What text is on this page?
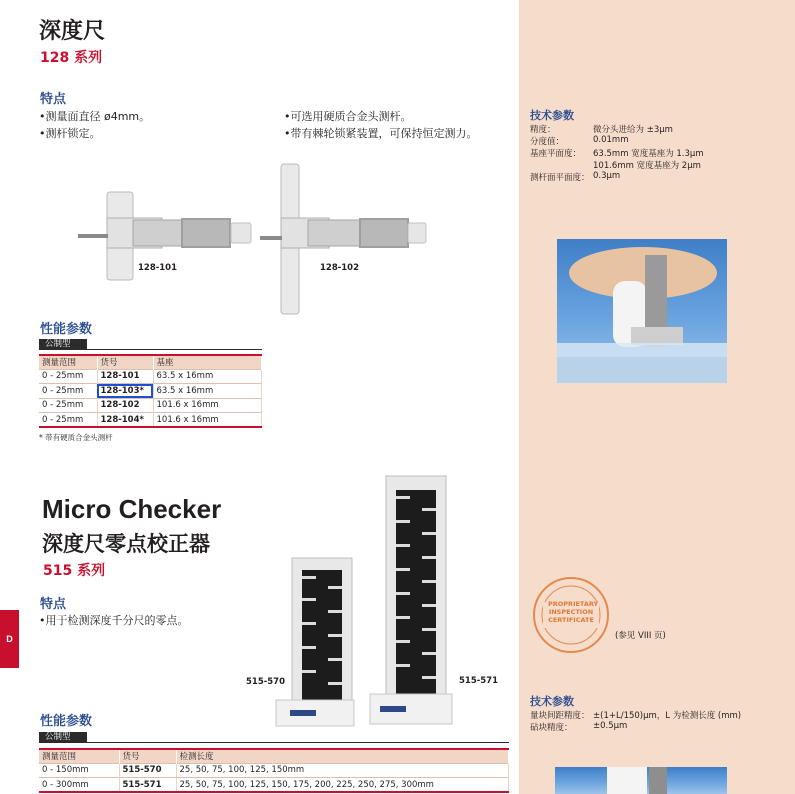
深度尺
128 系列
特点
•测量面直径 ø4mm。
•测杆锁定。
•可选用硬质合金头测杆。
•带有棘轮锁紧装置，可保持恒定测力。
128-101	128-102
性能参数
公制型
测量范围	货号	基座
0 - 25mm	128-101	63.5 x 16mm
0 - 25mm	128-103*	63.5 x 16mm
0 - 25mm	128-102	101.6 x 16mm
0 - 25mm	128-104*	101.6 x 16mm
* 带有硬质合金头测杆
Micro Checker
深度尺零点校正器
515 系列
特点
•用于检测深度千分尺的零点。
515-570	515-571
性能参数
公制型
测量范围	货号	检测长度
0 - 150mm	515-570	25, 50, 75, 100, 125, 150mm
0 - 300mm	515-571	25, 50, 75, 100, 125, 150, 175, 200, 225, 250, 275, 300mm
D
技术参数
精度：	微分头进给为 ±3μm
分度值：	0.01mm
基座平面度： 63.5mm 宽度基座为 1.3μm
101.6mm 宽度基座为 2μm
测杆面平面度： 0.3μm
PROPRIETARY
INSPECTION
CERTIFICATE
(参见 VIII 页)
技术参数
量块间距精度： ±(1+L/150)μm，L 为检测长度 (mm)
砧块精度： ±0.5μm
